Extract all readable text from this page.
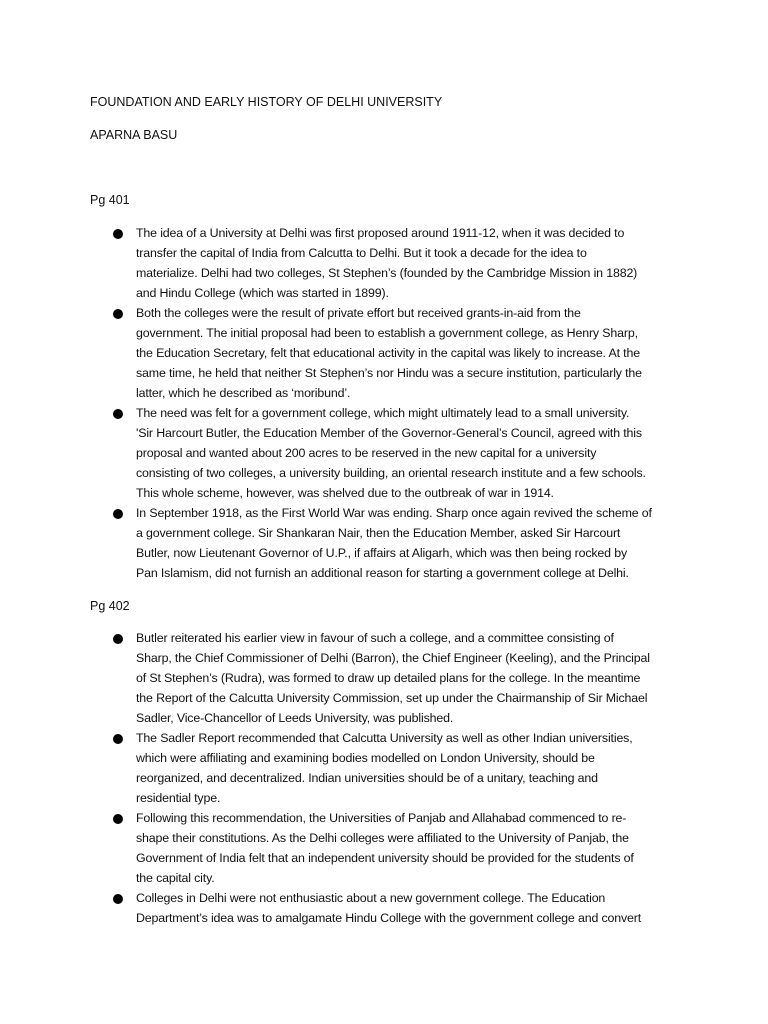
FOUNDATION AND EARLY HISTORY OF DELHI UNIVERSITY
APARNA BASU
Pg 401
The idea of a University at Delhi was first proposed around 1911-12, when it was decided to
transfer the capital of India from Calcutta to Delhi. But it took a decade for the idea to
materialize. Delhi had two colleges, St Stephen’s (founded by the Cambridge Mission in 1882)
and Hindu College (which was started in 1899).
Both the colleges were the result of private effort but received grants-in-aid from the
government. The initial proposal had been to establish a government college, as Henry Sharp,
the Education Secretary, felt that educational activity in the capital was likely to increase. At the
same time, he held that neither St Stephen’s nor Hindu was a secure institution, particularly the
latter, which he described as ‘moribund’.
The need was felt for a government college, which might ultimately lead to a small university.
'Sir Harcourt Butler, the Education Member of the Governor-General’s Council, agreed with this
proposal and wanted about 200 acres to be reserved in the new capital for a university
consisting of two colleges, a university building, an oriental research institute and a few schools.
This whole scheme, however, was shelved due to the outbreak of war in 1914.
In September 1918, as the First World War was ending. Sharp once again revived the scheme of
a government college. Sir Shankaran Nair, then the Education Member, asked Sir Harcourt
Butler, now Lieutenant Governor of U.P., if affairs at Aligarh, which was then being rocked by
Pan Islamism, did not furnish an additional reason for starting a government college at Delhi.
Pg 402
Butler reiterated his earlier view in favour of such a college, and a committee consisting of
Sharp, the Chief Commissioner of Delhi (Barron), the Chief Engineer (Keeling), and the Principal
of St Stephen’s (Rudra), was formed to draw up detailed plans for the college. In the meantime
the Report of the Calcutta University Commission, set up under the Chairmanship of Sir Michael
Sadler, Vice-Chancellor of Leeds University, was published.
The Sadler Report recommended that Calcutta University as well as other Indian universities,
which were affiliating and examining bodies modelled on London University, should be
reorganized, and decentralized. Indian universities should be of a unitary, teaching and
residential type.
Following this recommendation, the Universities of Panjab and Allahabad commenced to re-
shape their constitutions. As the Delhi colleges were affiliated to the University of Panjab, the
Government of India felt that an independent university should be provided for the students of
the capital city.
Colleges in Delhi were not enthusiastic about a new government college. The Education
Department’s idea was to amalgamate Hindu College with the government college and convert
